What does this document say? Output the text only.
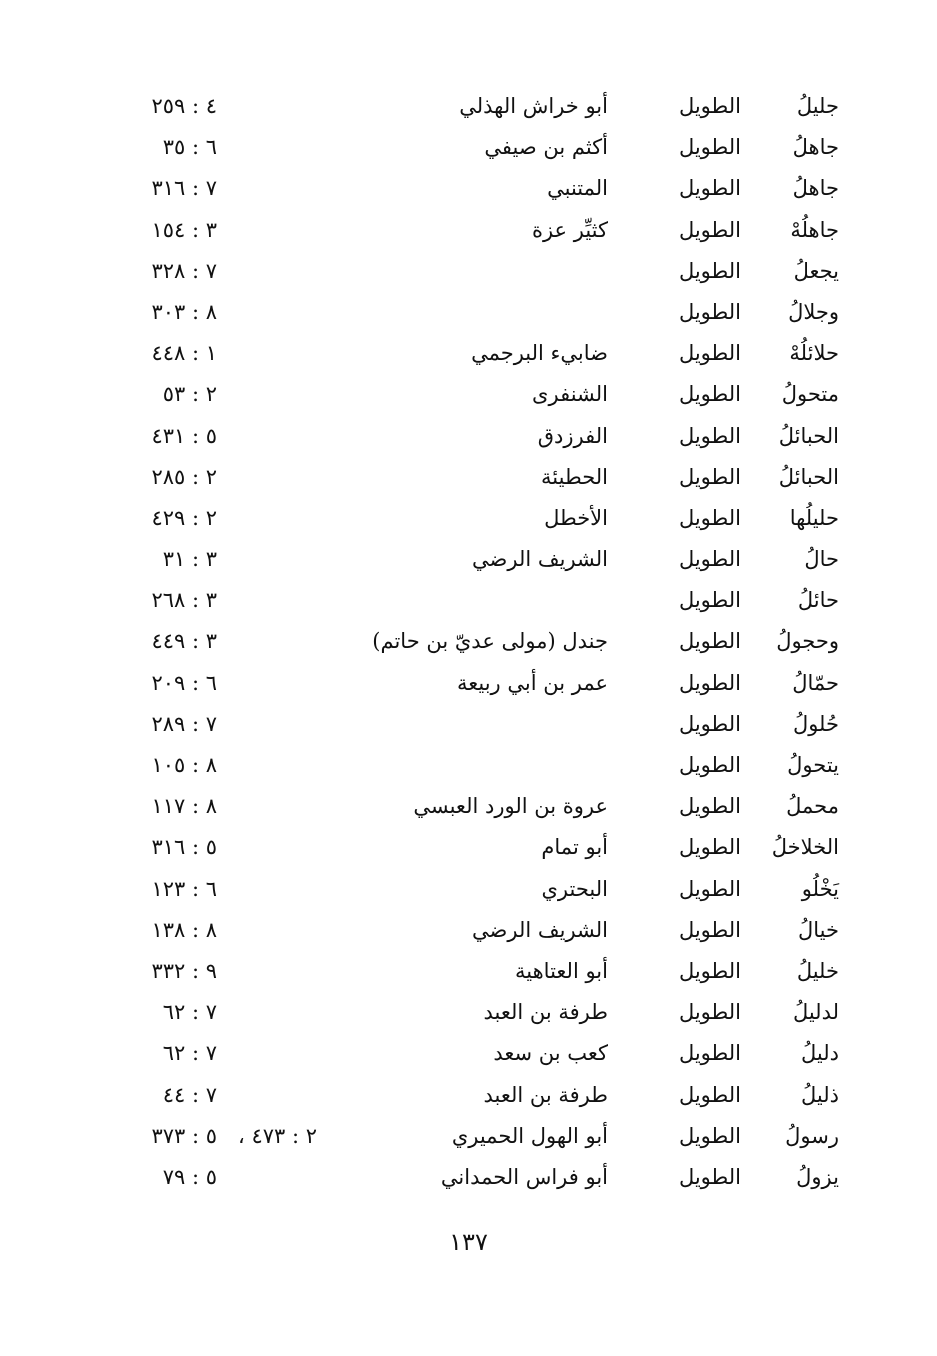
جليلُ
الطويل
أبو خراش الهذلي
٤ : ٢٥٩
جاهلُ
الطويل
أكثم بن صيفي
٦ : ٣٥
جاهلُ
الطويل
المتنبي
٧ : ٣١٦
جاهلُهْ
الطويل
كثيِّر عزة
٣ : ١٥٤
يجعلُ
الطويل
٧ : ٣٢٨
وجلالُ
الطويل
٨ : ٣٠٣
حلائلُهْ
الطويل
ضابيء البرجمي
١ : ٤٤٨
متحولُ
الطويل
الشنفرى
٢ : ٥٣
الحبائلُ
الطويل
الفرزدق
٥ : ٤٣١
الحبائلُ
الطويل
الحطيئة
٢ : ٢٨٥
حليلُها
الطويل
الأخطل
٢ : ٤٢٩
حالُ
الطويل
الشريف الرضي
٣ : ٣١
حائلُ
الطويل
٣ : ٢٦٨
وحجولُ
الطويل
جندل (مولى عديّ بن حاتم)
٣ : ٤٤٩
حمّالُ
الطويل
عمر بن أبي ربيعة
٦ : ٢٠٩
حُلولُ
الطويل
٧ : ٢٨٩
يتحولُ
الطويل
٨ : ١٠٥
محملُ
الطويل
عروة بن الورد العبسي
٨ : ١١٧
الخلاخلُ
الطويل
أبو تمام
٥ : ٣١٦
يَخْلُو
الطويل
البحتري
٦ : ١٢٣
خيالُ
الطويل
الشريف الرضي
٨ : ١٣٨
خليلُ
الطويل
أبو العتاهية
٩ : ٣٣٢
لدليلُ
الطويل
طرفة بن العبد
٧ : ٦٢
دليلُ
الطويل
كعب بن سعد
٧ : ٦٢
ذليلُ
الطويل
طرفة بن العبد
٧ : ٤٤
رسولُ
الطويل
أبو الهول الحميري
٥ : ٣٧٣ ٢ : ٤٧٣ ،
يزولُ
الطويل
أبو فراس الحمداني
٥ : ٧٩
١٣٧
